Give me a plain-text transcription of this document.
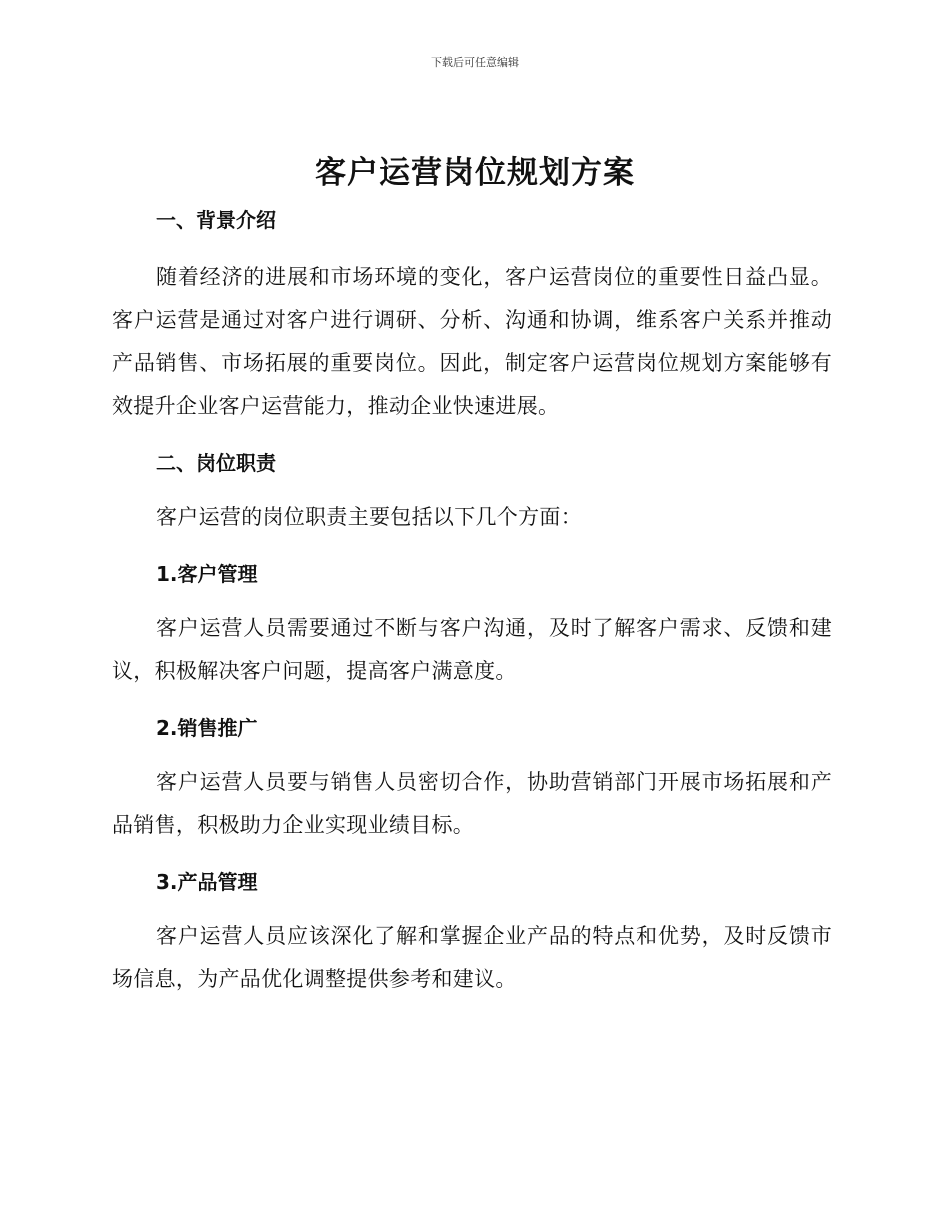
下载后可任意编辑
客户运营岗位规划方案

一、背景介绍

随着经济的进展和市场环境的变化，客户运营岗位的重要性日益凸显。客户运营是通过对客户进行调研、分析、沟通和协调，维系客户关系并推动产品销售、市场拓展的重要岗位。因此，制定客户运营岗位规划方案能够有效提升企业客户运营能力，推动企业快速进展。

二、岗位职责

客户运营的岗位职责主要包括以下几个方面：

1.客户管理

客户运营人员需要通过不断与客户沟通，及时了解客户需求、反馈和建议，积极解决客户问题，提高客户满意度。

2.销售推广

客户运营人员要与销售人员密切合作，协助营销部门开展市场拓展和产品销售，积极助力企业实现业绩目标。

3.产品管理

客户运营人员应该深化了解和掌握企业产品的特点和优势，及时反馈市场信息，为产品优化调整提供参考和建议。
